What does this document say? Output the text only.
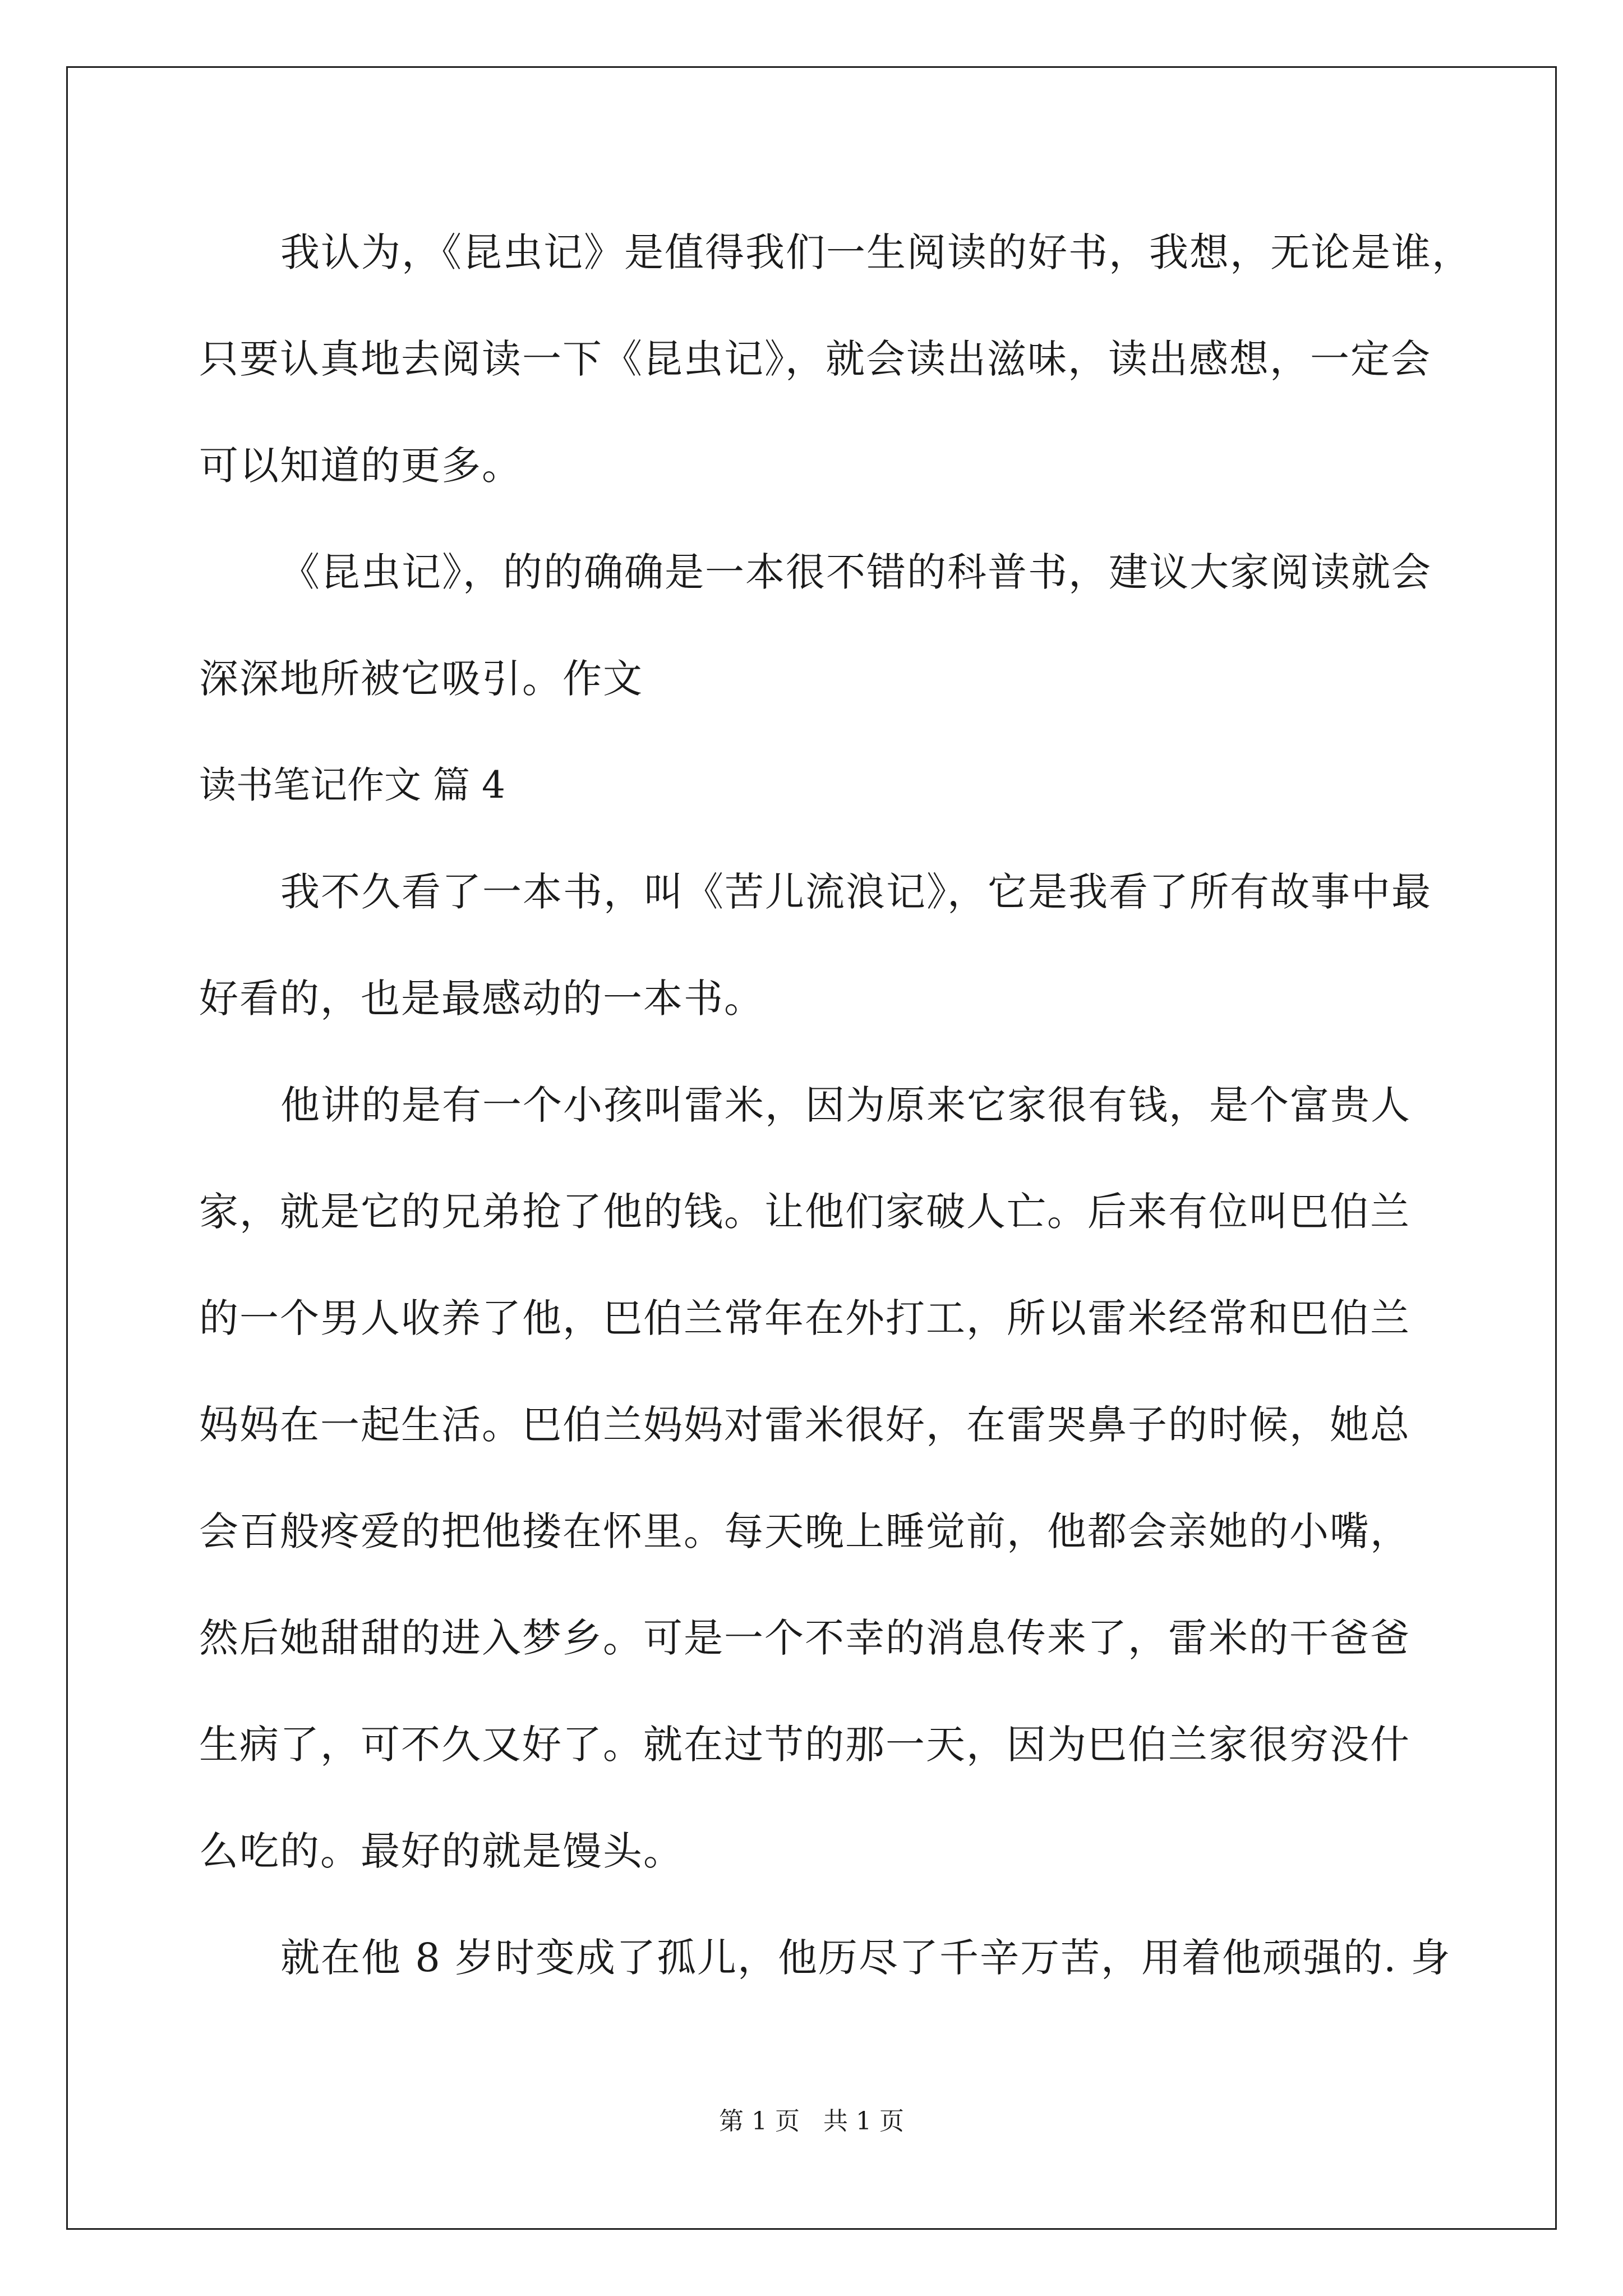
我认为，《昆虫记》是值得我们一生阅读的好书，我想，无论是谁，
只要认真地去阅读一下《昆虫记》，就会读出滋味，读出感想，一定会
可以知道的更多。
《昆虫记》，的的确确是一本很不错的科普书，建议大家阅读就会
深深地所被它吸引。作文
读书笔记作文 篇 4
我不久看了一本书，叫《苦儿流浪记》，它是我看了所有故事中最
好看的，也是最感动的一本书。
他讲的是有一个小孩叫雷米，因为原来它家很有钱，是个富贵人
家，就是它的兄弟抢了他的钱。让他们家破人亡。后来有位叫巴伯兰
的一个男人收养了他，巴伯兰常年在外打工，所以雷米经常和巴伯兰
妈妈在一起生活。巴伯兰妈妈对雷米很好，在雷哭鼻子的时候，她总
会百般疼爱的把他搂在怀里。每天晚上睡觉前，他都会亲她的小嘴，
然后她甜甜的进入梦乡。可是一个不幸的消息传来了，雷米的干爸爸
生病了，可不久又好了。就在过节的那一天，因为巴伯兰家很穷没什
么吃的。最好的就是馒头。
就在他 8 岁时变成了孤儿，他历尽了千辛万苦，用着他顽强的. 身
第 1 页 共 1 页
